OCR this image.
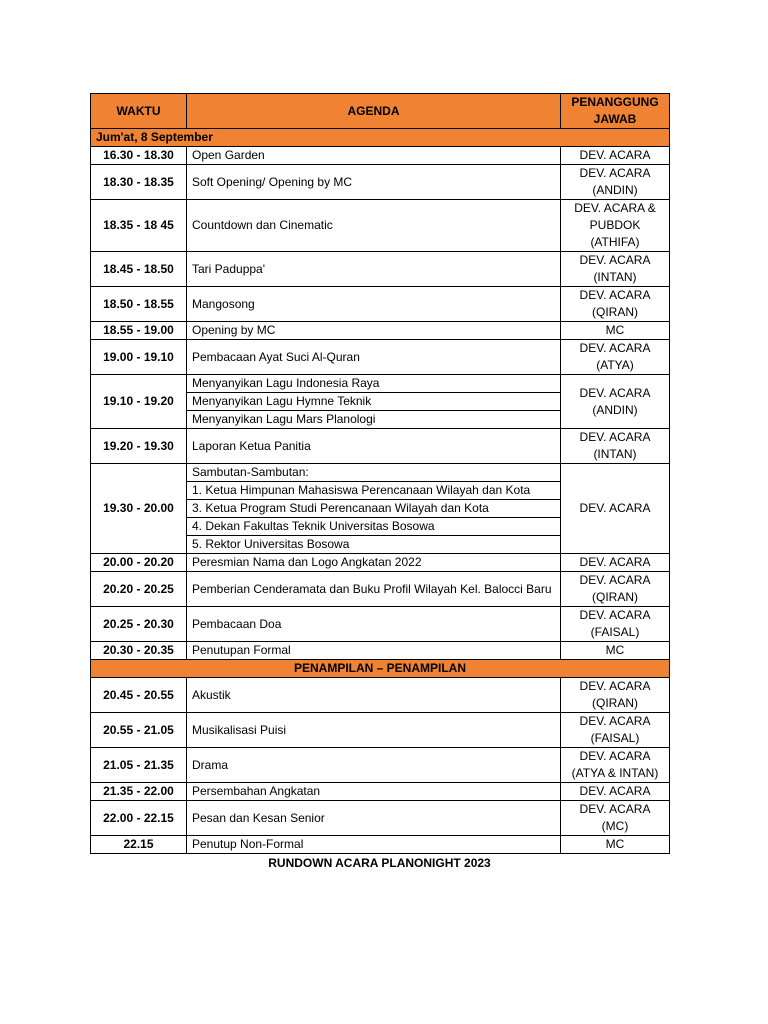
WAKTU	AGENDA	PENANGGUNG JAWAB
Jum'at, 8 September		
16.30 - 18.30	Open Garden	DEV. ACARA
18.30 - 18.35	Soft Opening/ Opening by MC	DEV. ACARA (ANDIN)
18.35 - 18 45	Countdown dan Cinematic	DEV. ACARA & PUBDOK (ATHIFA)
18.45 - 18.50	Tari Paduppa'	DEV. ACARA (INTAN)
18.50 - 18.55	Mangosong	DEV. ACARA (QIRAN)
18.55 - 19.00	Opening by MC	MC
19.00 - 19.10	Pembacaan Ayat Suci Al-Quran	DEV. ACARA (ATYA)
19.10 - 19.20	Menyanyikan Lagu Indonesia Raya	DEV. ACARA (ANDIN)
	Menyanyikan Lagu Hymne Teknik	
	Menyanyikan Lagu Mars Planologi	
19.20 - 19.30	Laporan Ketua Panitia	DEV. ACARA (INTAN)
19.30 - 20.00	Sambutan-Sambutan:	DEV. ACARA
	1. Ketua Himpunan Mahasiswa Perencanaan Wilayah dan Kota	
	3. Ketua Program Studi Perencanaan Wilayah dan Kota	
	4. Dekan Fakultas Teknik Universitas Bosowa	
	5. Rektor Universitas Bosowa	
20.00 - 20.20	Peresmian Nama dan Logo Angkatan 2022	DEV. ACARA
20.20 - 20.25	Pemberian Cenderamata dan Buku Profil Wilayah Kel. Balocci Baru	DEV. ACARA (QIRAN)
20.25 - 20.30	Pembacaan Doa	DEV. ACARA (FAISAL)
20.30 - 20.35	Penutupan Formal	MC
PENAMPILAN – PENAMPILAN		
20.45 - 20.55	Akustik	DEV. ACARA (QIRAN)
20.55 - 21.05	Musikalisasi Puisi	DEV. ACARA (FAISAL)
21.05 - 21.35	Drama	DEV. ACARA (ATYA & INTAN)
21.35 - 22.00	Persembahan Angkatan	DEV. ACARA
22.00 - 22.15	Pesan dan Kesan Senior	DEV. ACARA (MC)
22.15	Penutup Non-Formal	MC
RUNDOWN ACARA PLANONIGHT 2023
